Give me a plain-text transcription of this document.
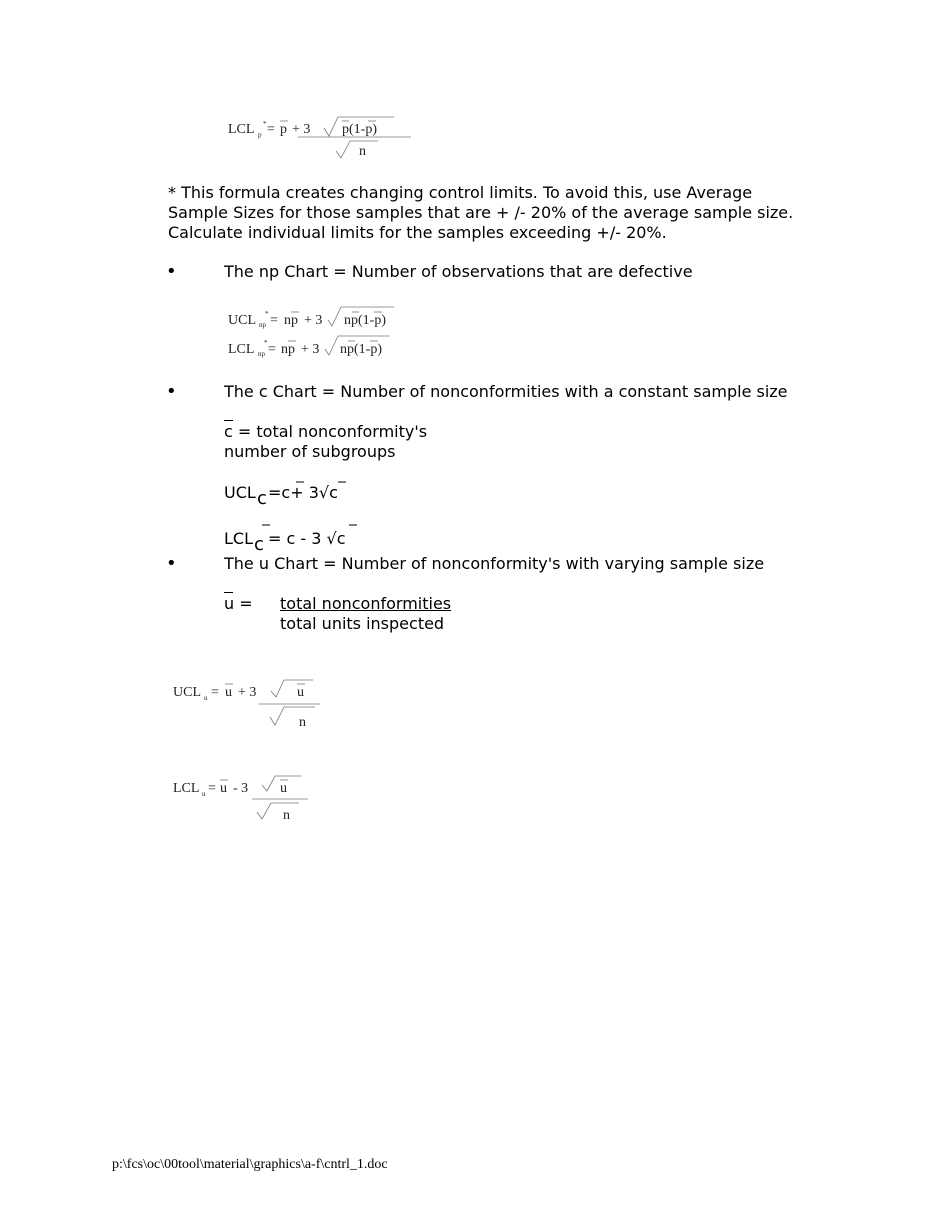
LCL p
* = p + 3 p(1-p)
n
* This formula creates changing control limits. To avoid this, use Average Sample Sizes for those samples that are + /- 20% of the average sample size. Calculate individual limits for the samples exceeding +/- 20%.
•	The np Chart = Number of observations that are defective
UCL np
* = np + 3 np(1-p)
LCL np
* = np + 3 np(1-p)
•	The c Chart = Number of nonconformities with a constant sample size
c = total nonconformity's
number of subgroups
UCL c =c+ 3√c
LCL c = c - 3 √c
•	The u Chart = Number of nonconformity's with varying sample size
u = total nonconformities
total units inspected
UCL u = u + 3	u
n
LCL u = u - 3 u
n
p:\fcs\oc\00tool\material\graphics\a-f\cntrl_1.doc
